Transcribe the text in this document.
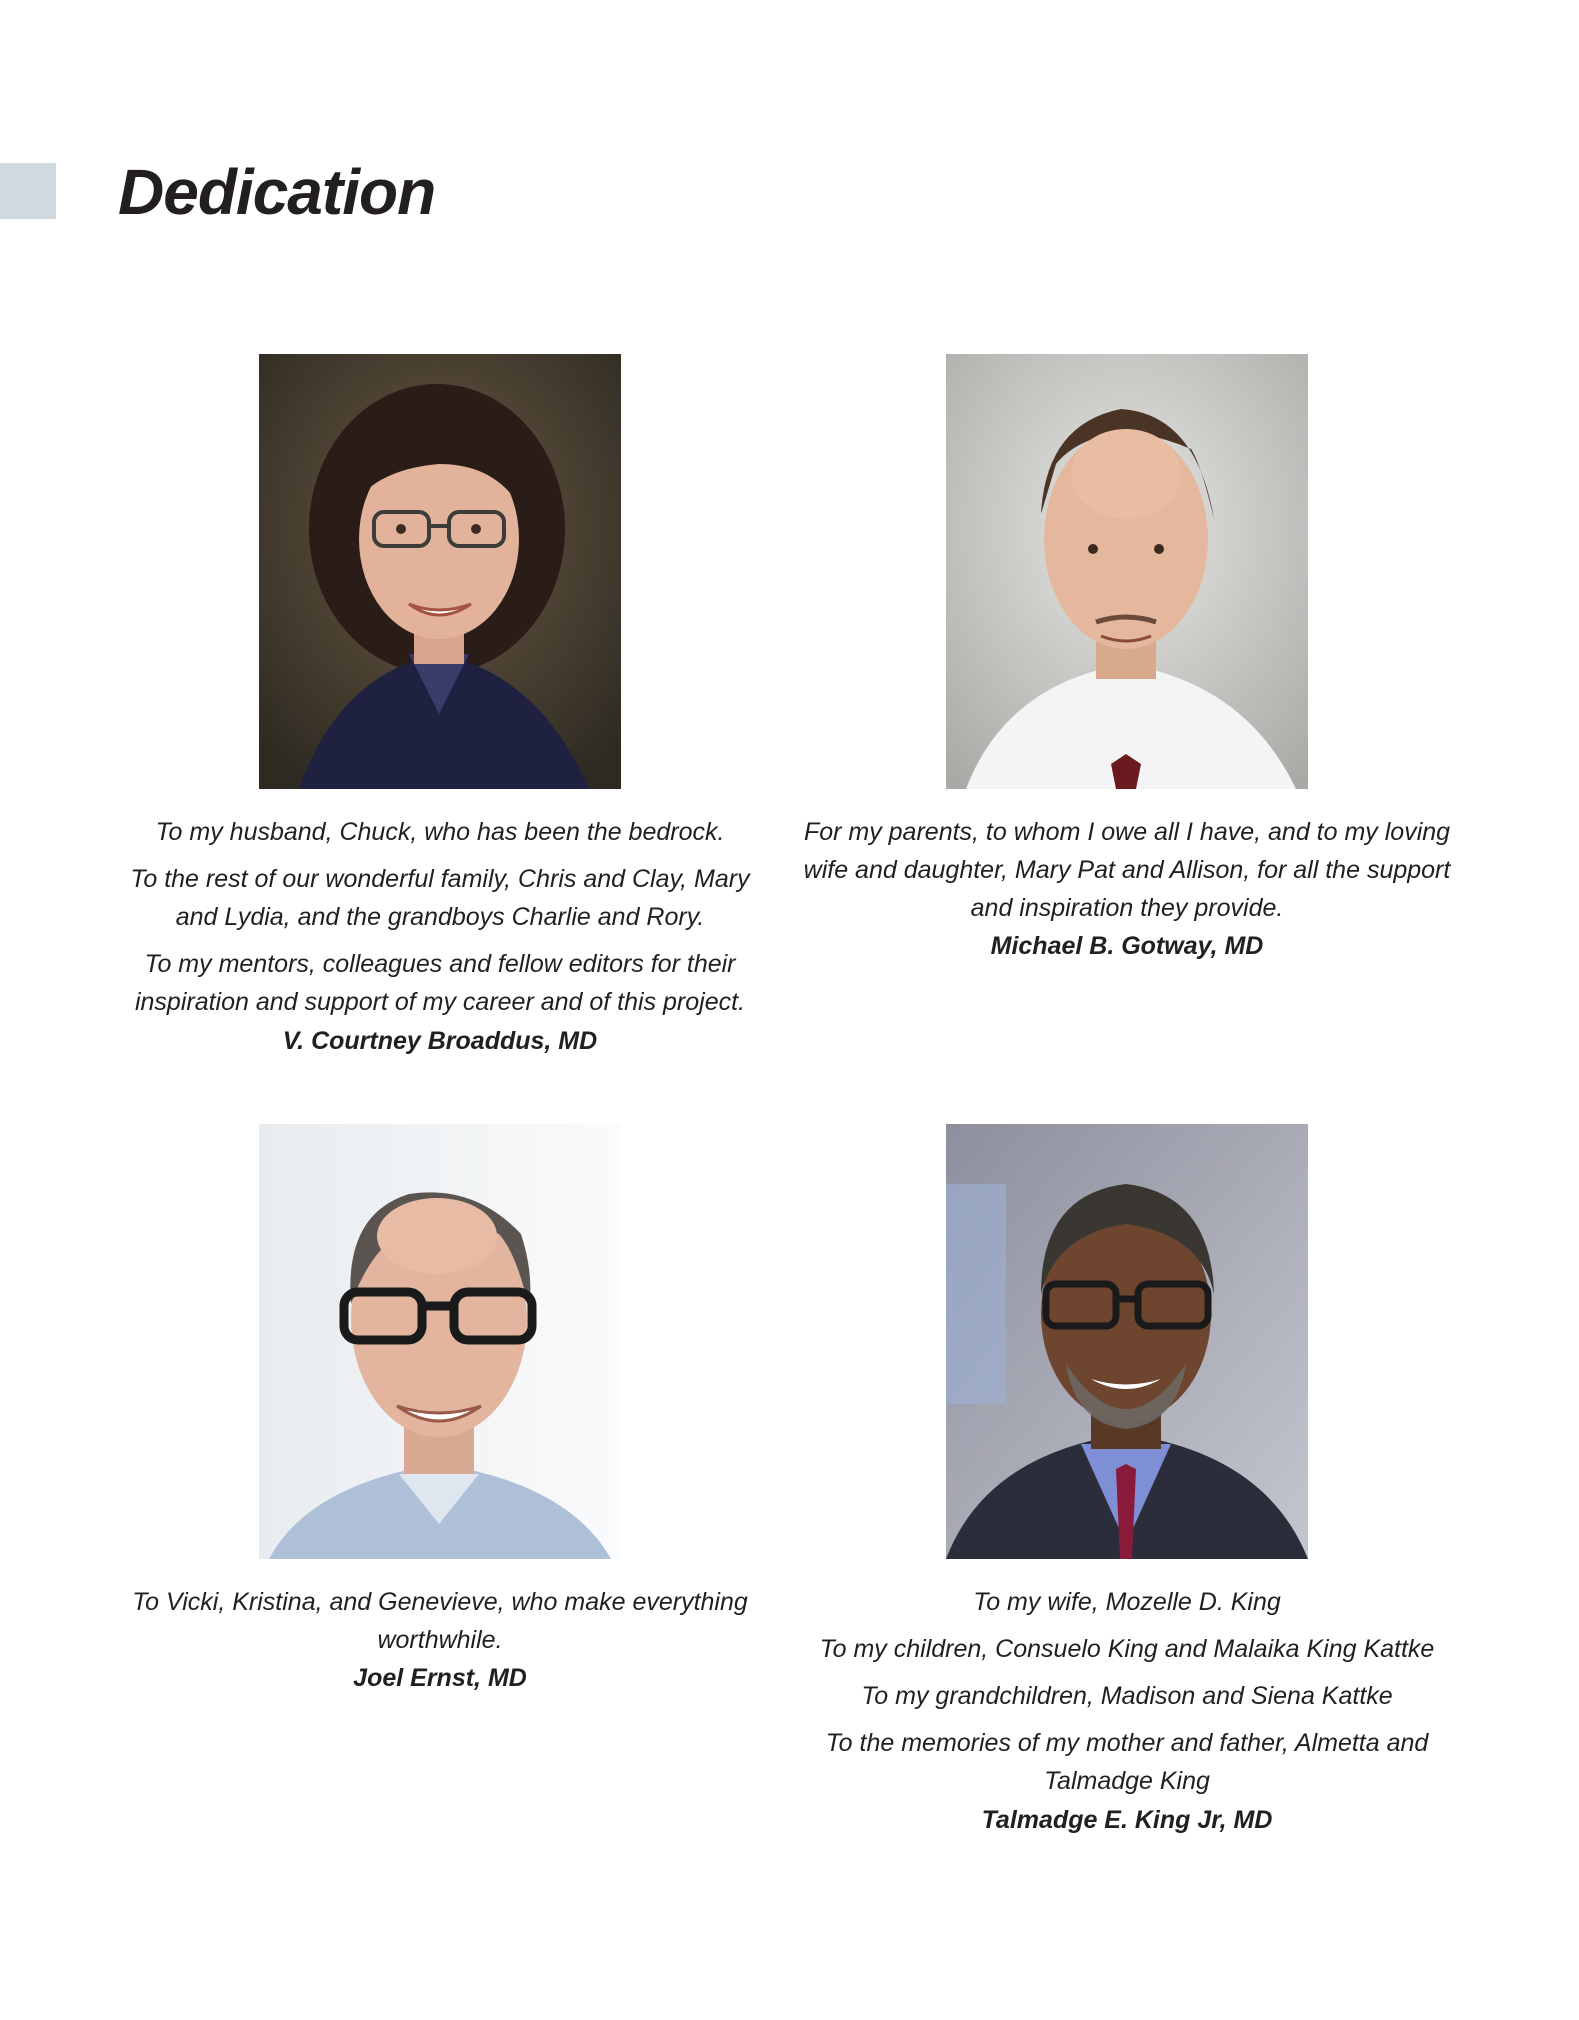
Dedication

To my husband, Chuck, who has been the bedrock.

To the rest of our wonderful family, Chris and Clay, Mary and Lydia, and the grandboys Charlie and Rory.

To my mentors, colleagues and fellow editors for their inspiration and support of my career and of this project.

V. Courtney Broaddus, MD

For my parents, to whom I owe all I have, and to my loving wife and daughter, Mary Pat and Allison, for all the support and inspiration they provide.

Michael B. Gotway, MD

To Vicki, Kristina, and Genevieve, who make everything worthwhile.

Joel Ernst, MD

To my wife, Mozelle D. King

To my children, Consuelo King and Malaika King Kattke

To my grandchildren, Madison and Siena Kattke

To the memories of my mother and father, Almetta and Talmadge King

Talmadge E. King Jr, MD
